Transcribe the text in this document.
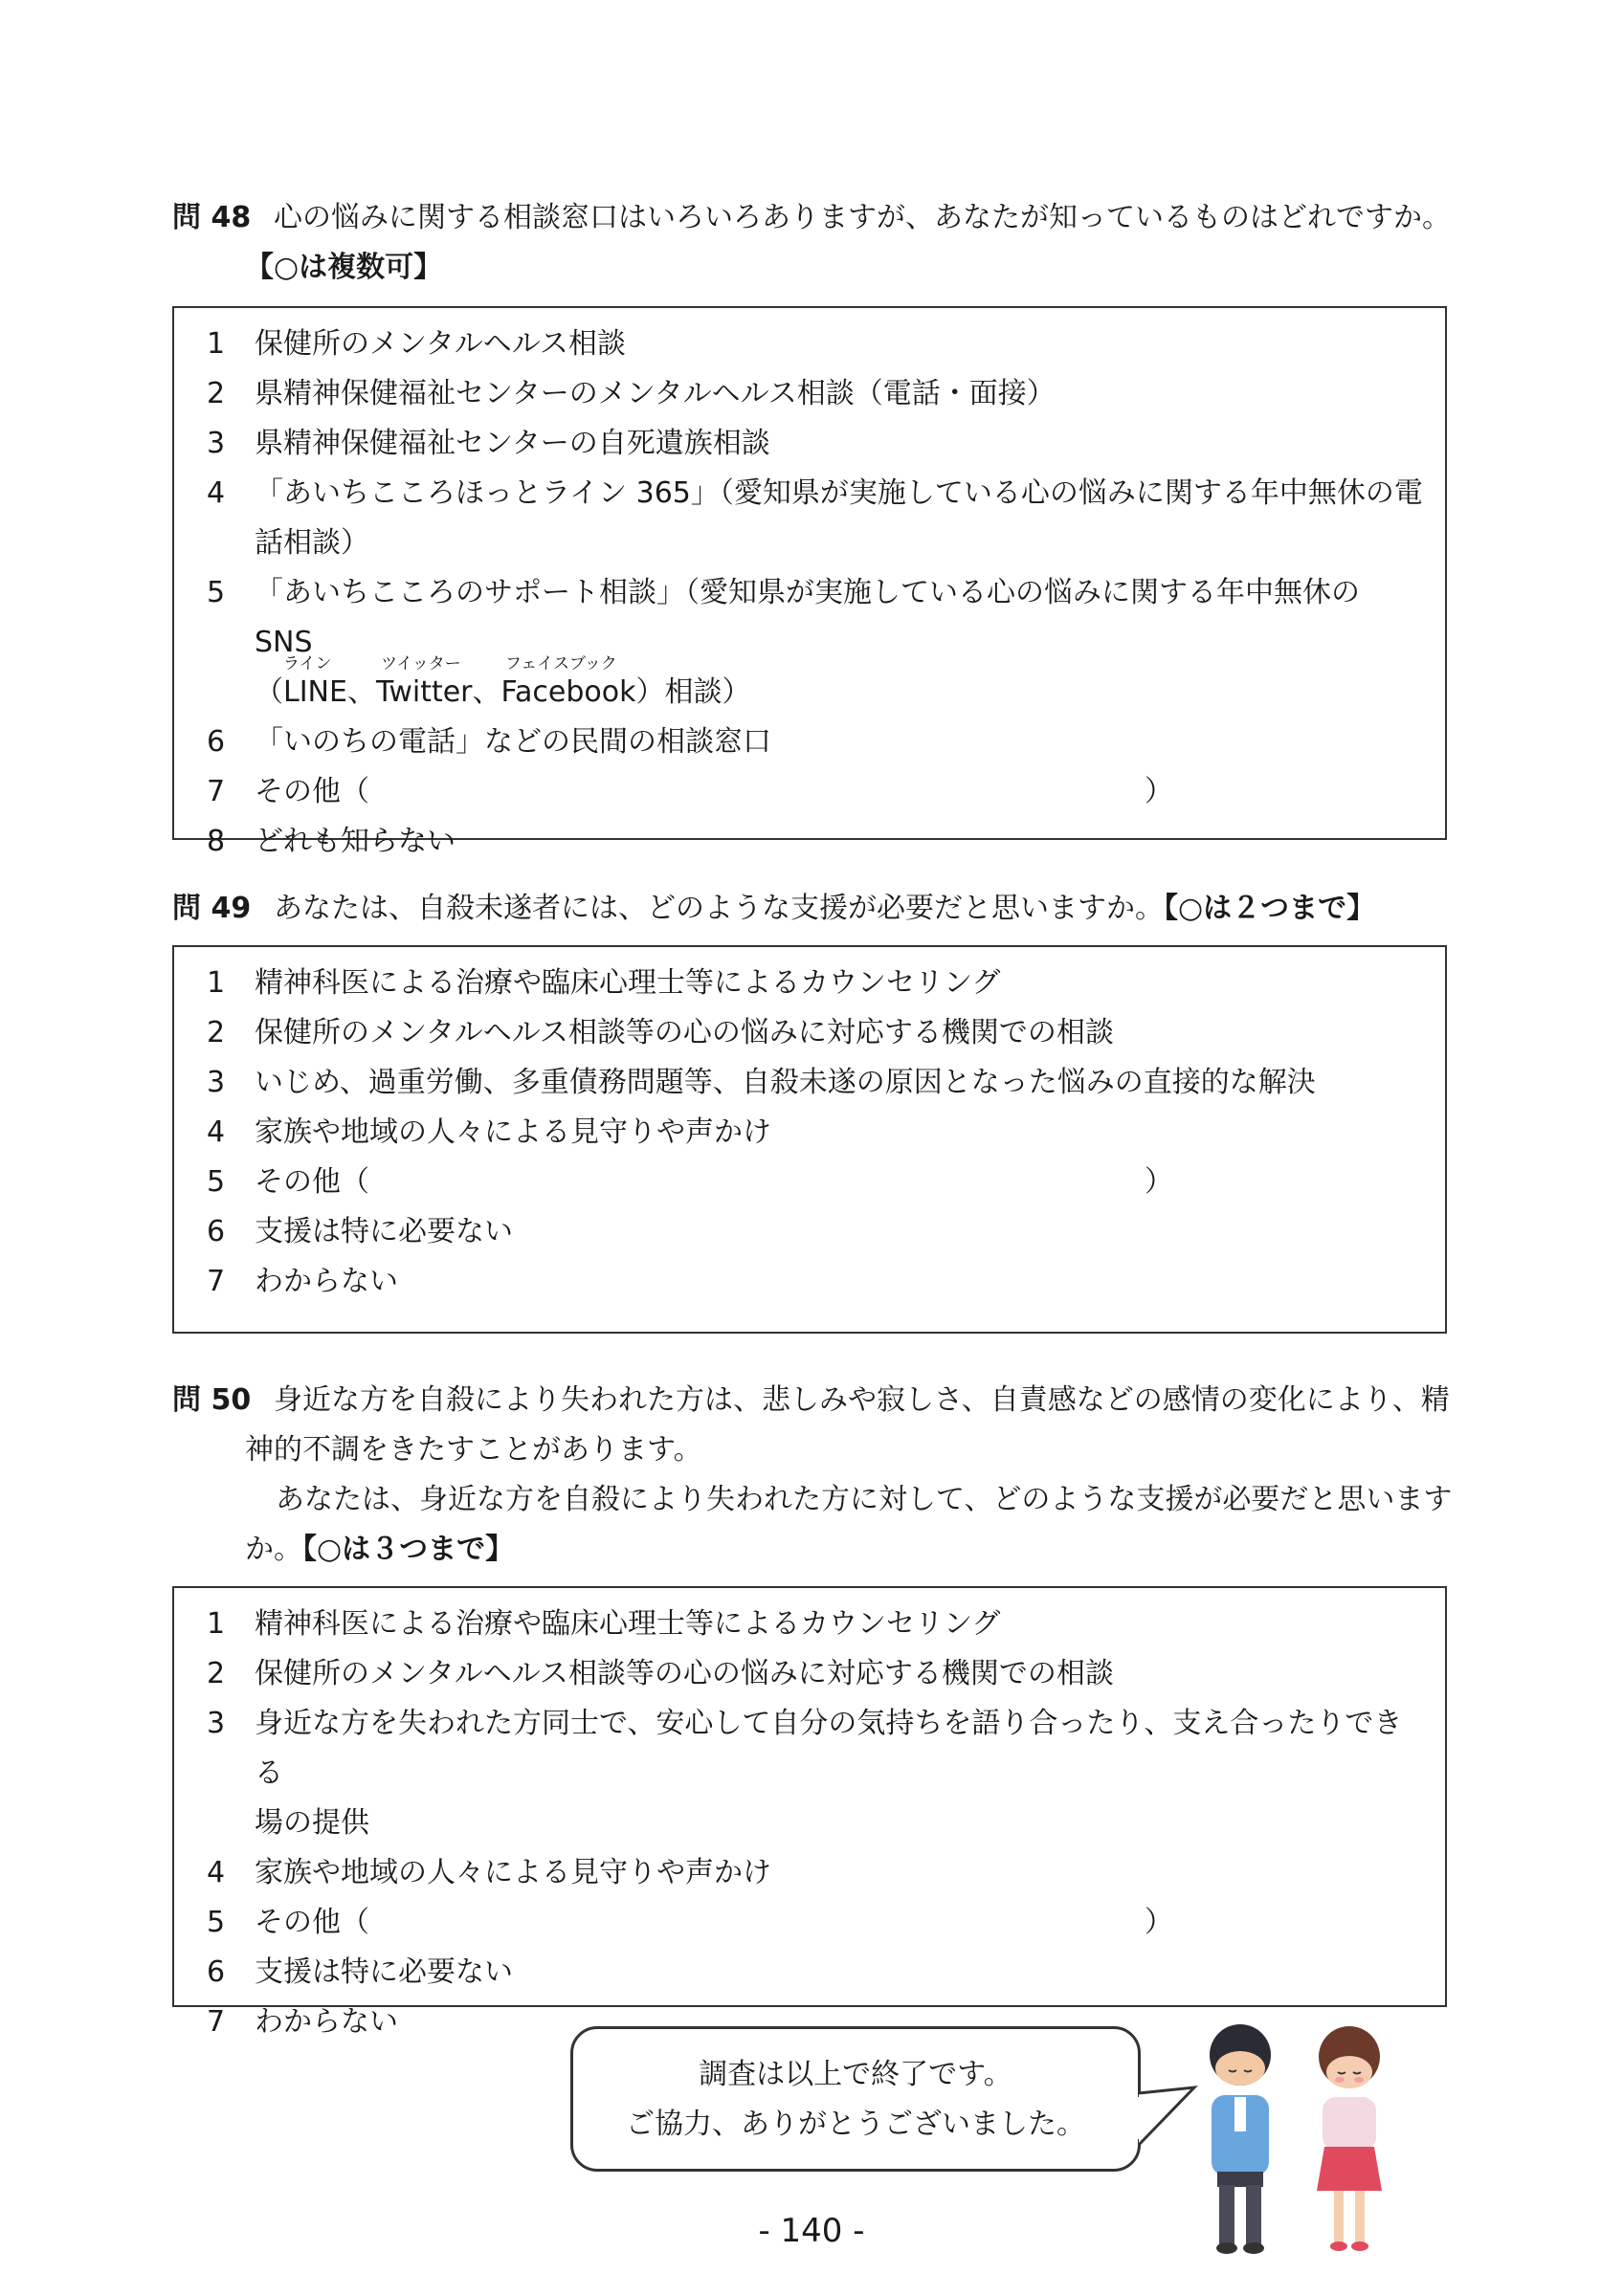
問 48 心の悩みに関する相談窓口はいろいろありますが、あなたが知っているものはどれですか。
【○は複数可】
1	保健所のメンタルヘルス相談
2	県精神保健福祉センターのメンタルヘルス相談（電話・面接）
3	県精神保健福祉センターの自死遺族相談
4	「あいちこころほっとライン 365」（愛知県が実施している心の悩みに関する年中無休の電
話相談）
5	「あいちこころのサポート相談」（愛知県が実施している心の悩みに関する年中無休の SNS

ライン	ツイッター	フェイスブック
（LINE、Twitter、Facebook）相談）
6	「いのちの電話」などの民間の相談窓口
7	その他（	）
8	どれも知らない
問 49 あなたは、自殺未遂者には、どのような支援が必要だと思いますか。【○は２つまで】
1	精神科医による治療や臨床心理士等によるカウンセリング
2	保健所のメンタルヘルス相談等の心の悩みに対応する機関での相談
3	いじめ、過重労働、多重債務問題等、自殺未遂の原因となった悩みの直接的な解決
4	家族や地域の人々による見守りや声かけ
5	その他（	）
6	支援は特に必要ない
7	わからない
問 50 身近な方を自殺により失われた方は、悲しみや寂しさ、自責感などの感情の変化により、精
神的不調をきたすことがあります。
あなたは、身近な方を自殺により失われた方に対して、どのような支援が必要だと思います
か。【○は３つまで】
1	精神科医による治療や臨床心理士等によるカウンセリング
2	保健所のメンタルヘルス相談等の心の悩みに対応する機関での相談
3	身近な方を失われた方同士で、安心して自分の気持ちを語り合ったり、支え合ったりできる
場の提供
4	家族や地域の人々による見守りや声かけ
5	その他（	）
6	支援は特に必要ない
7	わからない
調査は以上で終了です。
ご協力、ありがとうございました。
- 140 -
